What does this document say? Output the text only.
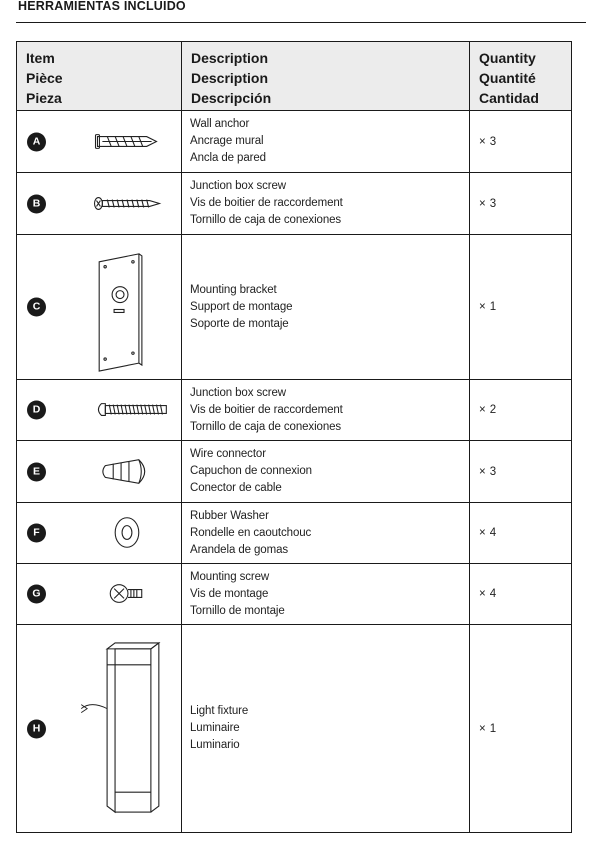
HERRAMIENTAS INCLUIDO
Item
Pièce
Pieza	Description
Description
Descripción	Quantity
Quantité
Cantidad

A	Wall anchor
Ancrage mural
Ancla de pared	× 3

B	Junction box screw
Vis de boitier de raccordement
Tornillo de caja de conexiones	× 3

C	Mounting bracket
Support de montage
Soporte de montaje	× 1

D	Junction box screw
Vis de boitier de raccordement
Tornillo de caja de conexiones	× 2

E	Wire connector
Capuchon de connexion
Conector de cable	× 3

F	Rubber Washer
Rondelle en caoutchouc
Arandela de gomas	× 4

G	Mounting screw
Vis de montage
Tornillo de montaje	× 4

H	Light fixture
Luminaire
Luminario	× 1
